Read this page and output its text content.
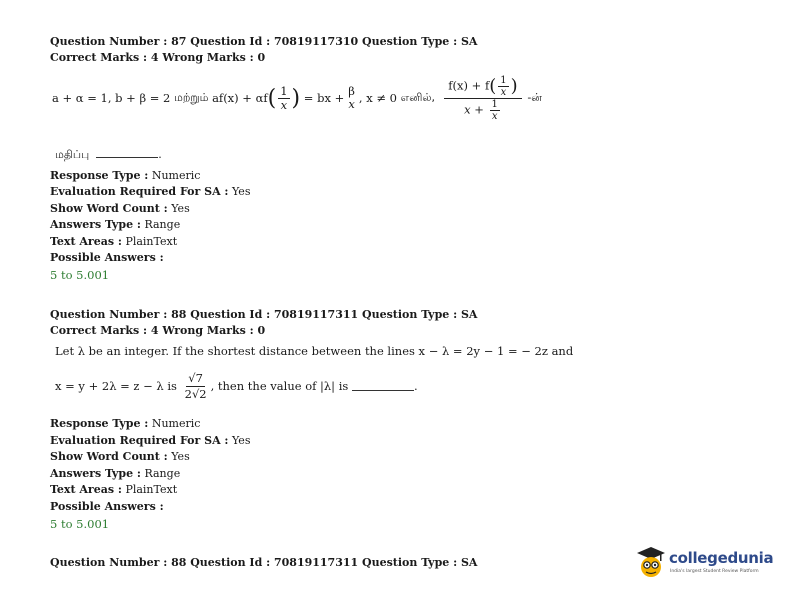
Question Number : 87 Question Id : 70819117310 Question Type : SA
Correct Marks : 4 Wrong Marks : 0
a + α = 1, b + β = 2
மற்றும்
af(x) + αf ( $\frac{1}{x}$ )
= bx + β
x , x ≠ 0
எனில்,
$\frac{f(x) + f( \frac{1}{x} )}{x + \frac{1}{x}}$
-ன்
மதிப்பு	.
Response Type : Numeric
Evaluation Required For SA : Yes
Show Word Count : Yes
Answers Type : Range
Text Areas : PlainText
Possible Answers :
5 to 5.001
Question Number : 88 Question Id : 70819117311 Question Type : SA
Correct Marks : 4 Wrong Marks : 0
Let λ be an integer. If the shortest distance between the lines x − λ = 2y − 1 = − 2z and
x = y + 2λ = z − λ is
$\frac{√7}{2√2}$ , then the value of |λ| is
	.
Response Type : Numeric
Evaluation Required For SA : Yes
Show Word Count : Yes
Answers Type : Range
Text Areas : PlainText
Possible Answers :
5 to 5.001
Question Number : 88 Question Id : 70819117311 Question Type : SA	collegedunia
India's largest Student Review Platform
